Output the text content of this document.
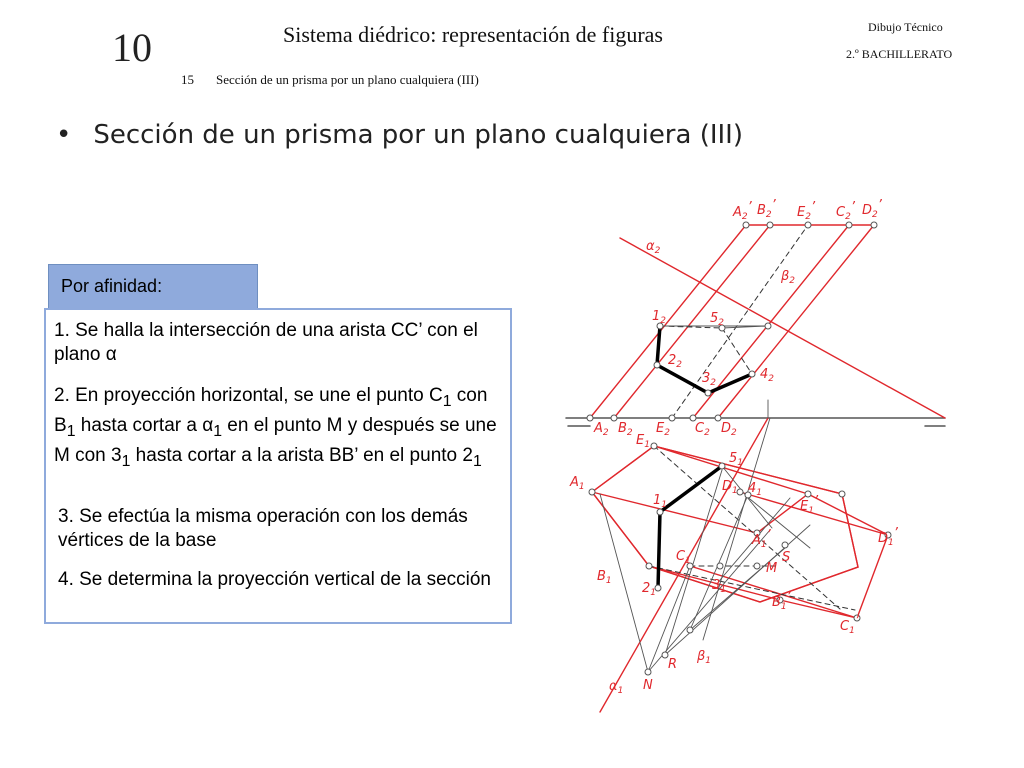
10	Sistema diédrico: representación de figuras	Dibujo Técnico
2.º BACHILLERATO
15 Sección de un prisma por un plano cualquiera (III)
• Sección de un prisma por un plano cualquiera (III)
Por afinidad:
1. Se halla la intersección de una arista CC’ con el plano α
2. En proyección horizontal, se une el punto $C_1$ con $B_1$ hasta cortar a $\alpha_1$ en el punto M y después se une M con $3_1$ hasta cortar a la arista BB’ en el punto $2_1$
3. Se efectúa la misma operación con los demás vértices de la base
4. Se determina la proyección vertical de la sección
$A_2$’ $B_2$’ $E_2$’ $C_2$’ $D_2$’
$\alpha_2$
$\beta_2$
$1_2$	$5_2$
$2_2$
$3_2$
$4_2$
$A_2$ $B_2$ $E_2$ $C_2$ $D_2$
$E_1$
$5_1$
$A_1$	$D_1$ $4_1$
$E_1$’
$1_1$
$A_1$’	$D_1$’
S
$C_1$	M
$B_1$	$3_1$
$2_1$
$B_1$’
$C_1$’
R
$\beta_1$
$\alpha_1$ N
